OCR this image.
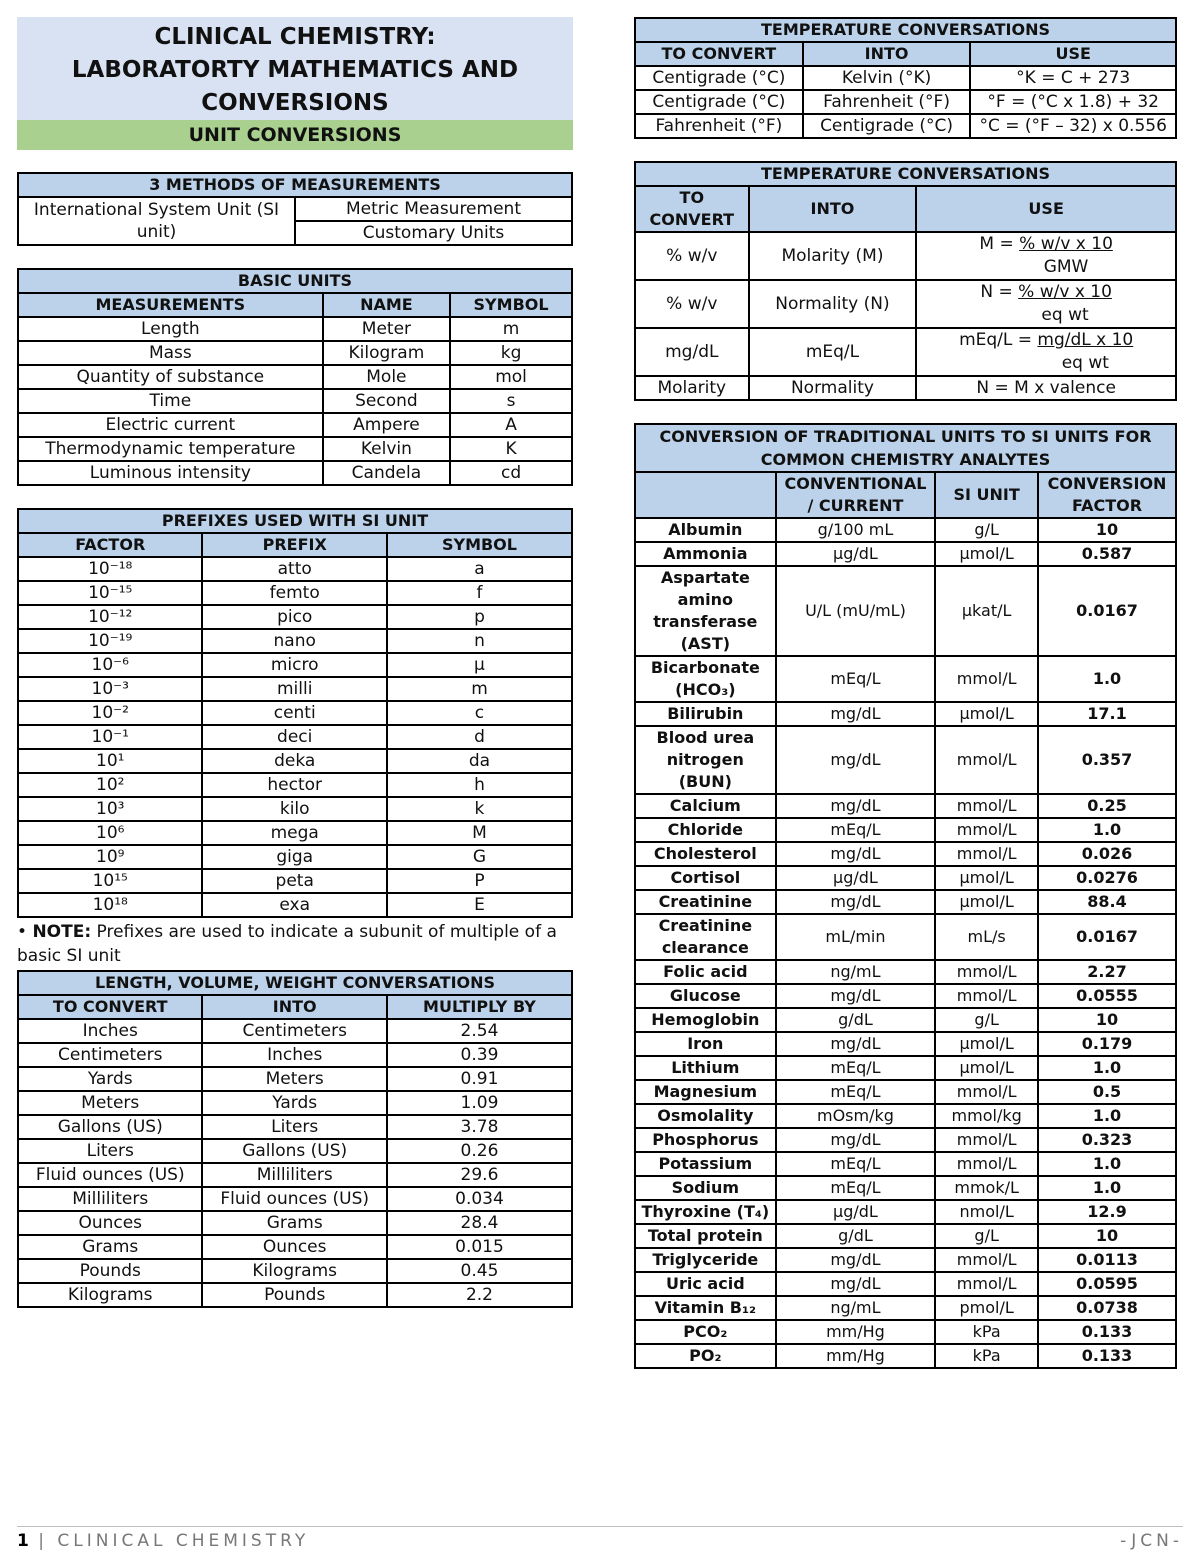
CLINICAL CHEMISTRY: LABORATORTY MATHEMATICS AND CONVERSIONS
UNIT CONVERSIONS
3 METHODS OF MEASUREMENTS
International System Unit (SI unit)	Metric Measurement
Customary Units
BASIC UNITS		
MEASUREMENTS	NAME	SYMBOL
Length	Meter	m
Mass	Kilogram	kg
Quantity of substance	Mole	mol
Time	Second	s
Electric current	Ampere	A
Thermodynamic temperature	Kelvin	K
Luminous intensity	Candela	cd
PREFIXES USED WITH SI UNIT		
FACTOR	PREFIX	SYMBOL
10⁻¹⁸	atto	a
10⁻¹⁵	femto	f
10⁻¹²	pico	p
10⁻¹⁹	nano	n
10⁻⁶	micro	µ
10⁻³	milli	m
10⁻²	centi	c
10⁻¹	deci	d
10¹	deka	da
10²	hector	h
10³	kilo	k
10⁶	mega	M
10⁹	giga	G
10¹⁵	peta	P
10¹⁸	exa	E
• NOTE: Prefixes are used to indicate a subunit of multiple of a basic SI unit
LENGTH, VOLUME, WEIGHT CONVERSATIONS		
TO CONVERT	INTO	MULTIPLY BY
Inches	Centimeters	2.54
Centimeters	Inches	0.39
Yards	Meters	0.91
Meters	Yards	1.09
Gallons (US)	Liters	3.78
Liters	Gallons (US)	0.26
Fluid ounces (US)	Milliliters	29.6
Milliliters	Fluid ounces (US)	0.034
Ounces	Grams	28.4
Grams	Ounces	0.015
Pounds	Kilograms	0.45
Kilograms	Pounds	2.2
TEMPERATURE CONVERSATIONS		
TO CONVERT	INTO	USE
Centigrade (°C)	Kelvin (°K)	°K = C + 273
Centigrade (°C)	Fahrenheit (°F)	°F = (°C x 1.8) + 32
Fahrenheit (°F)	Centigrade (°C)	°C = (°F – 32) x 0.556
TEMPERATURE CONVERSATIONS		
TO CONVERT	INTO	USE
% w/v	Molarity (M)	$M = \frac{\text{\% w/v x 10}}{\text{GMW}}$

% w/v	Normality (N)	$N = \frac{\text{\% w/v x 10}}{\text{eq wt}}$

mg/dL	mEq/L	$mEq/L = \frac{\text{mg/dL x 10}}{\text{eq wt}}$

Molarity	Normality	N = M x valence
CONVERSION OF TRADITIONAL UNITS TO SI UNITS FOR COMMON CHEMISTRY ANALYTES			
	CONVENTIONAL / CURRENT	SI UNIT	CONVERSION FACTOR
Albumin	g/100 mL	g/L	10
Ammonia	µg/dL	µmol/L	0.587
Aspartate amino transferase (AST)	U/L (mU/mL)	µkat/L	0.0167
Bicarbonate (HCO₃)	mEq/L	mmol/L	1.0
Bilirubin	mg/dL	µmol/L	17.1
Blood urea nitrogen (BUN)	mg/dL	mmol/L	0.357
Calcium	mg/dL	mmol/L	0.25
Chloride	mEq/L	mmol/L	1.0
Cholesterol	mg/dL	mmol/L	0.026
Cortisol	µg/dL	µmol/L	0.0276
Creatinine	mg/dL	µmol/L	88.4
Creatinine clearance	mL/min	mL/s	0.0167
Folic acid	ng/mL	mmol/L	2.27
Glucose	mg/dL	mmol/L	0.0555
Hemoglobin	g/dL	g/L	10
Iron	mg/dL	µmol/L	0.179
Lithium	mEq/L	µmol/L	1.0
Magnesium	mEq/L	mmol/L	0.5
Osmolality	mOsm/kg	mmol/kg	1.0
Phosphorus	mg/dL	mmol/L	0.323
Potassium	mEq/L	mmol/L	1.0
Sodium	mEq/L	mmok/L	1.0
Thyroxine (T₄)	µg/dL	nmol/L	12.9
Total protein	g/dL	g/L	10
Triglyceride	mg/dL	mmol/L	0.0113
Uric acid	mg/dL	mmol/L	0.0595
Vitamin B₁₂	ng/mL	pmol/L	0.0738
PCO₂	mm/Hg	kPa	0.133
PO₂	mm/Hg	kPa	0.133
1 | CLINICAL CHEMISTRY	-JCN-
